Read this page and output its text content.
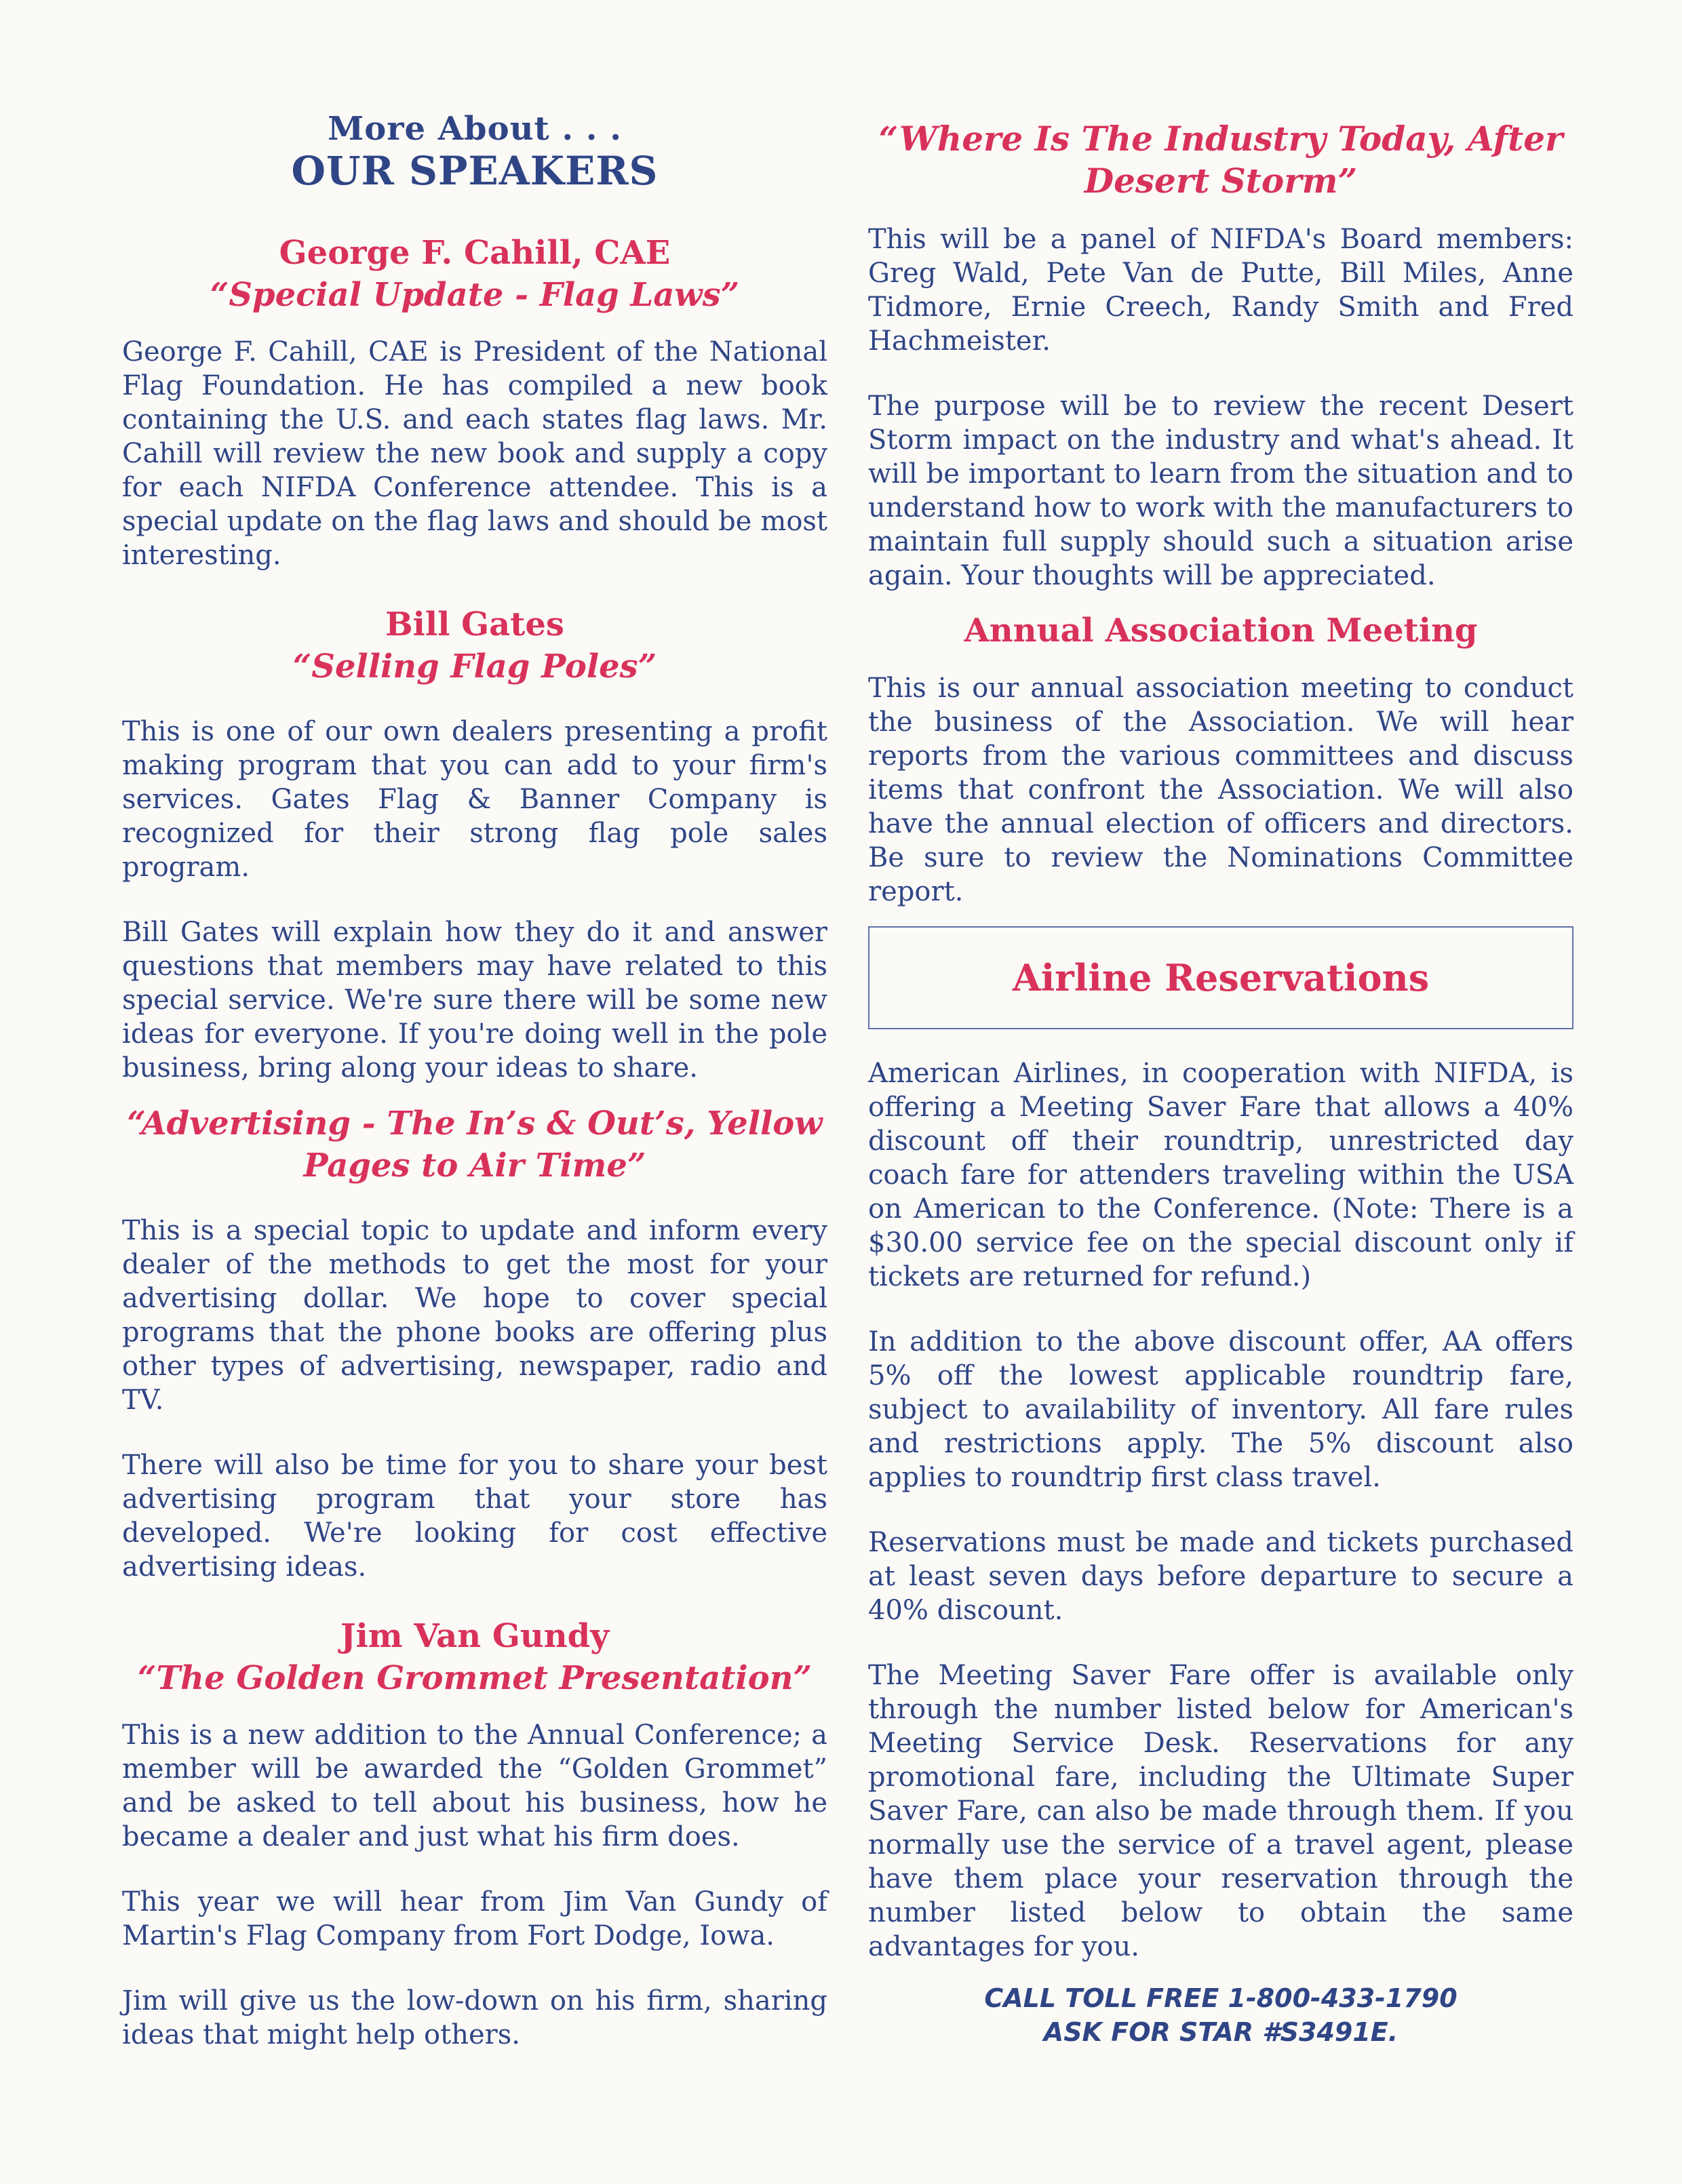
More About . . .
OUR SPEAKERS
George F. Cahill, CAE
“Special Update - Flag Laws”

George F. Cahill, CAE is President of the National Flag Foundation. He has compiled a new book containing the U.S. and each states flag laws. Mr. Cahill will review the new book and supply a copy for each NIFDA Conference attendee. This is a special update on the flag laws and should be most interesting.

Bill Gates
“Selling Flag Poles”

This is one of our own dealers presenting a profit making program that you can add to your firm's services. Gates Flag & Banner Company is recognized for their strong flag pole sales program.

Bill Gates will explain how they do it and answer questions that members may have related to this special service. We're sure there will be some new ideas for everyone. If you're doing well in the pole business, bring along your ideas to share.

“Advertising - The In’s & Out’s, Yellow Pages to Air Time”

This is a special topic to update and inform every dealer of the methods to get the most for your advertising dollar. We hope to cover special programs that the phone books are offering plus other types of advertising, newspaper, radio and TV.

There will also be time for you to share your best advertising program that your store has developed. We're looking for cost effective advertising ideas.

Jim Van Gundy
“The Golden Grommet Presentation”

This is a new addition to the Annual Conference; a member will be awarded the “Golden Grommet” and be asked to tell about his business, how he became a dealer and just what his firm does.

This year we will hear from Jim Van Gundy of Martin's Flag Company from Fort Dodge, Iowa.

Jim will give us the low-down on his firm, sharing ideas that might help others.

“Where Is The Industry Today, After Desert Storm”

This will be a panel of NIFDA's Board members: Greg Wald, Pete Van de Putte, Bill Miles, Anne Tidmore, Ernie Creech, Randy Smith and Fred Hachmeister.

The purpose will be to review the recent Desert Storm impact on the industry and what's ahead. It will be important to learn from the situation and to understand how to work with the manufacturers to maintain full supply should such a situation arise again. Your thoughts will be appreciated.

Annual Association Meeting

This is our annual association meeting to conduct the business of the Association. We will hear reports from the various committees and discuss items that confront the Association. We will also have the annual election of officers and directors. Be sure to review the Nominations Committee report.

Airline Reservations

American Airlines, in cooperation with NIFDA, is offering a Meeting Saver Fare that allows a 40% discount off their roundtrip, unrestricted day coach fare for attenders traveling within the USA on American to the Conference. (Note: There is a $30.00 service fee on the special discount only if tickets are returned for refund.)

In addition to the above discount offer, AA offers 5% off the lowest applicable roundtrip fare, subject to availability of inventory. All fare rules and restrictions apply. The 5% discount also applies to roundtrip first class travel.

Reservations must be made and tickets purchased at least seven days before departure to secure a 40% discount.

The Meeting Saver Fare offer is available only through the number listed below for American's Meeting Service Desk. Reservations for any promotional fare, including the Ultimate Super Saver Fare, can also be made through them. If you normally use the service of a travel agent, please have them place your reservation through the number listed below to obtain the same advantages for you.

CALL TOLL FREE 1-800-433-1790
ASK FOR STAR #S3491E.
